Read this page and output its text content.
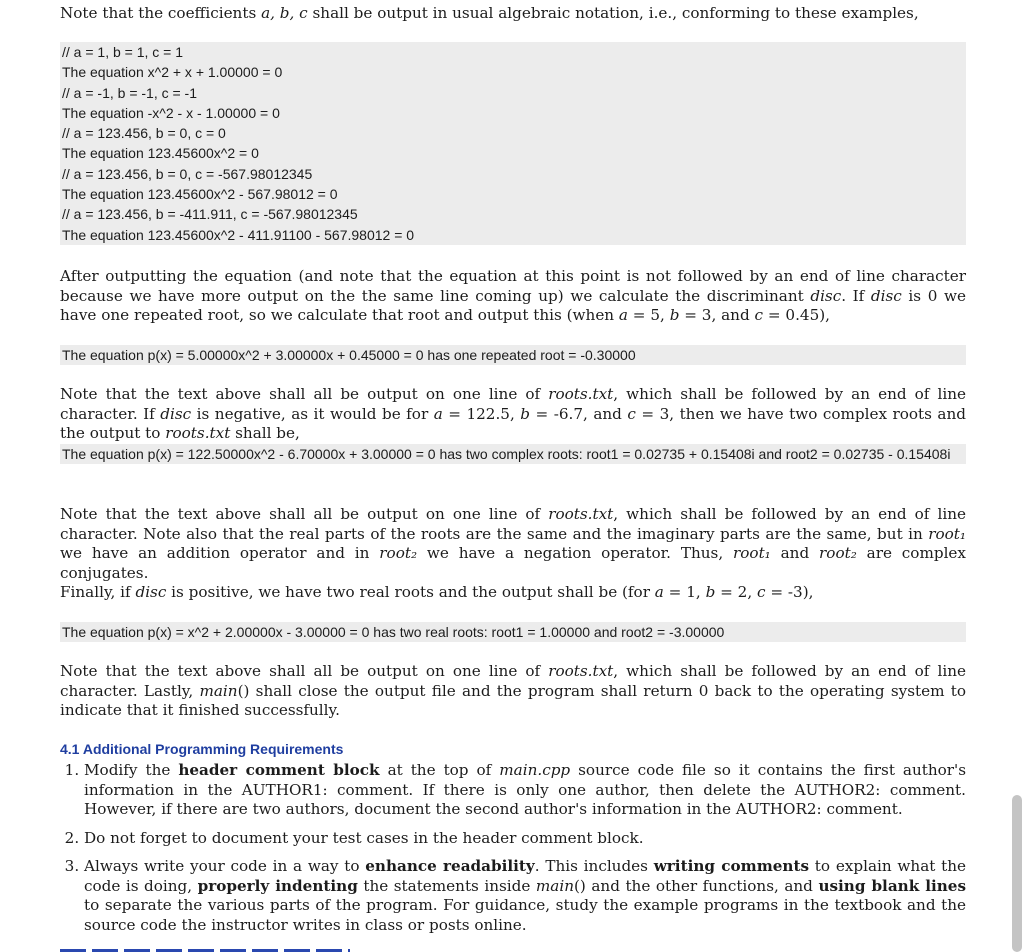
Note that the coefficients a, b, c shall be output in usual algebraic notation, i.e., conforming to these examples,

// a = 1, b = 1, c = 1
The equation x^2 + x + 1.00000 = 0
// a = -1, b = -1, c = -1
The equation -x^2 - x - 1.00000 = 0
// a = 123.456, b = 0, c = 0
The equation 123.45600x^2 = 0
// a = 123.456, b = 0, c = -567.98012345
The equation 123.45600x^2 - 567.98012 = 0
// a = 123.456, b = -411.911, c = -567.98012345
The equation 123.45600x^2 - 411.91100 - 567.98012 = 0

After outputting the equation (and note that the equation at this point is not followed by an end of line character because we have more output on the the same line coming up) we calculate the discriminant disc. If disc is 0 we have one repeated root, so we calculate that root and output this (when a = 5, b = 3, and c = 0.45),

The equation p(x) = 5.00000x^2 + 3.00000x + 0.45000 = 0 has one repeated root = -0.30000

Note that the text above shall all be output on one line of roots.txt, which shall be followed by an end of line character. If disc is negative, as it would be for a = 122.5, b = -6.7, and c = 3, then we have two complex roots and the output to roots.txt shall be,

The equation p(x) = 122.50000x^2 - 6.70000x + 3.00000 = 0 has two complex roots: root1 = 0.02735 + 0.15408i and root2 = 0.02735 - 0.15408i

Note that the text above shall all be output on one line of roots.txt, which shall be followed by an end of line character. Note also that the real parts of the roots are the same and the imaginary parts are the same, but in root₁ we have an addition operator and in root₂ we have a negation operator. Thus, root₁ and root₂ are complex conjugates.

Finally, if disc is positive, we have two real roots and the output shall be (for a = 1, b = 2, c = -3),

The equation p(x) = x^2 + 2.00000x - 3.00000 = 0 has two real roots: root1 = 1.00000 and root2 = -3.00000

Note that the text above shall all be output on one line of roots.txt, which shall be followed by an end of line character. Lastly, main() shall close the output file and the program shall return 0 back to the operating system to indicate that it finished successfully.

4.1 Additional Programming Requirements
1. Modify the header comment block at the top of main.cpp source code file so it contains the first author's information in the AUTHOR1: comment. If there is only one author, then delete the AUTHOR2: comment. However, if there are two authors, document the second author's information in the AUTHOR2: comment.
2. Do not forget to document your test cases in the header comment block.
3. Always write your code in a way to enhance readability. This includes writing comments to explain what the code is doing, properly indenting the statements inside main() and the other functions, and using blank lines to separate the various parts of the program. For guidance, study the example programs in the textbook and the source code the instructor writes in class or posts online.
